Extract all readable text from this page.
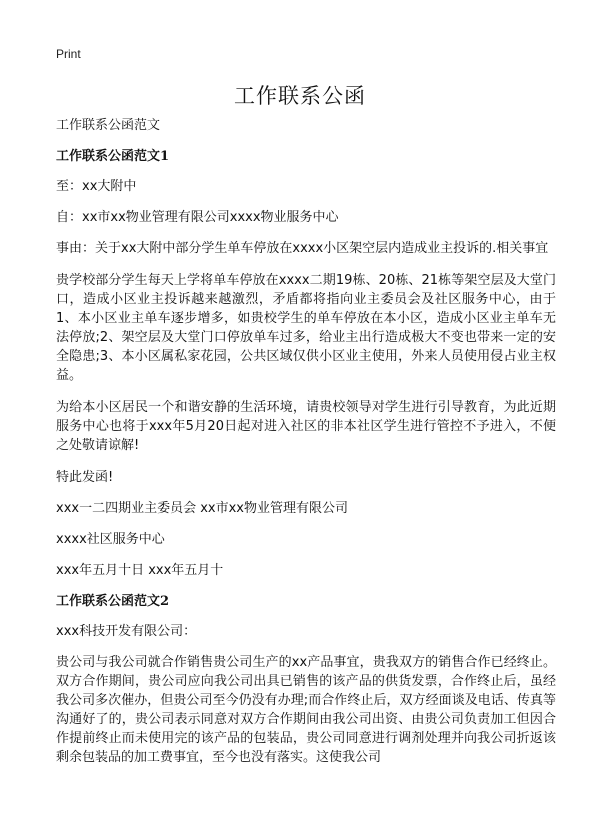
Print
工作联系公函

工作联系公函范文

工作联系公函范文1

至：xx大附中

自：xx市xx物业管理有限公司xxxx物业服务中心

事由：关于xx大附中部分学生单车停放在xxxx小区架空层内造成业主投诉的.相关事宜

贵学校部分学生每天上学将单车停放在xxxx二期19栋、20栋、21栋等架空层及大堂门口，造成小区业主投诉越来越激烈，矛盾都将指向业主委员会及社区服务中心，由于1、本小区业主单车逐步增多，如贵校学生的单车停放在本小区，造成小区业主单车无法停放;2、架空层及大堂门口停放单车过多，给业主出行造成极大不变也带来一定的安全隐患;3、本小区属私家花园，公共区域仅供小区业主使用，外来人员使用侵占业主权益。

为给本小区居民一个和谐安静的生活环境，请贵校领导对学生进行引导教育，为此近期服务中心也将于xxx年5月20日起对进入社区的非本社区学生进行管控不予进入，不便之处敬请谅解!

特此发函!

xxx一二四期业主委员会 xx市xx物业管理有限公司

xxxx社区服务中心

xxx年五月十日 xxx年五月十

工作联系公函范文2

xxx科技开发有限公司：

贵公司与我公司就合作销售贵公司生产的xx产品事宜，贵我双方的销售合作已经终止。双方合作期间，贵公司应向我公司出具已销售的该产品的供货发票，合作终止后，虽经我公司多次催办，但贵公司至今仍没有办理;而合作终止后，双方经面谈及电话、传真等沟通好了的，贵公司表示同意对双方合作期间由我公司出资、由贵公司负责加工但因合作提前终止而未使用完的该产品的包装品，贵公司同意进行调剂处理并向我公司折返该剩余包装品的加工费事宜，至今也没有落实。这使我公司
